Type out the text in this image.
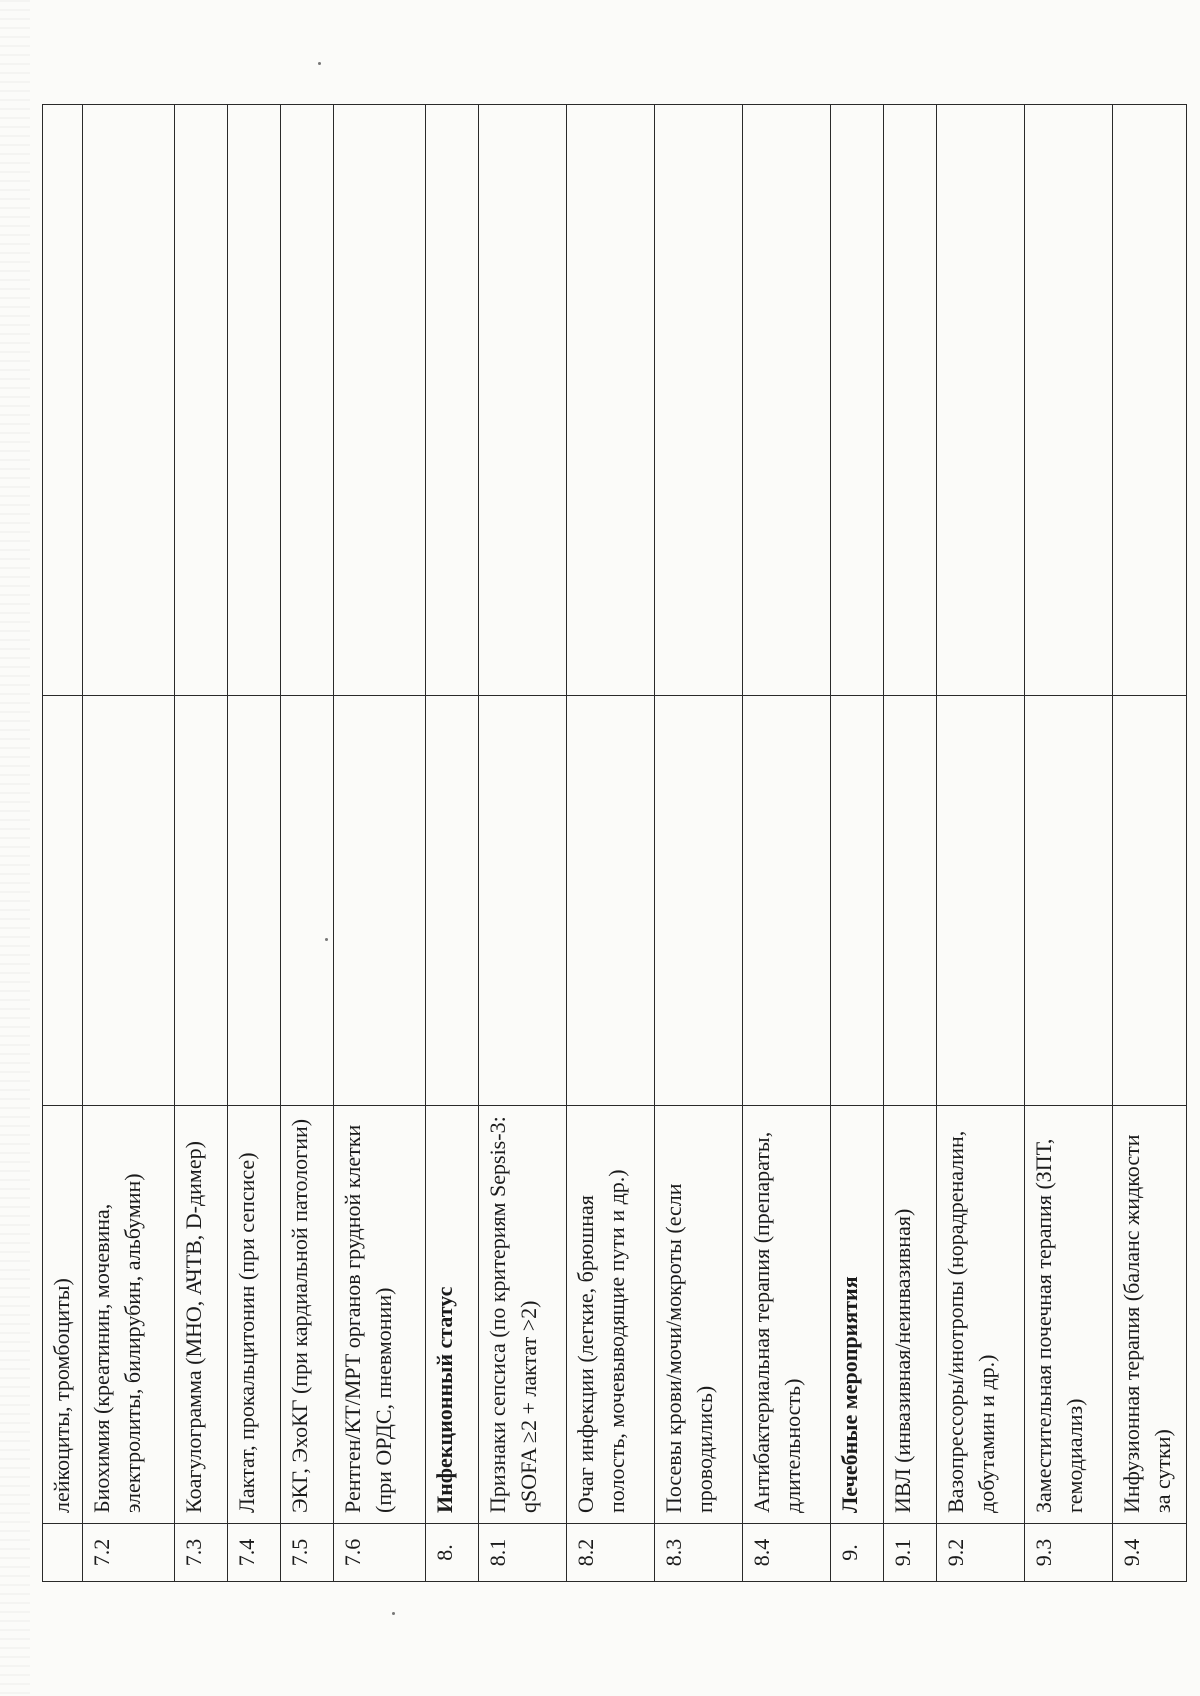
	лейкоциты, тромбоциты)		
7.2	Биохимия (креатинин, мочевина, электролиты, билирубин, альбумин)		
7.3	Коагулограмма (МНО, АЧТВ, D-димер)		
7.4	Лактат, прокальцитонин (при сепсисе)		
7.5	ЭКГ, ЭхоКГ (при кардиальной патологии)		
7.6	Рентген/КТ/МРТ органов грудной клетки (при ОРДС, пневмонии)		
8.	Инфекционный статус		
8.1	Признаки сепсиса (по критериям Sepsis-3: qSOFA ≥2 + лактат >2)		
8.2	Очаг инфекции (легкие, брюшная полость, мочевыводящие пути и др.)		
8.3	Посевы крови/мочи/мокроты (если проводились)		
8.4	Антибактериальная терапия (препараты, длительность)		
9.	Лечебные мероприятия		
9.1	ИВЛ (инвазивная/неинвазивная)		
9.2	Вазопрессоры/инотропы (норадреналин, добутамин и др.)		
9.3	Заместительная почечная терапия (ЗПТ, гемодиализ)		
9.4	Инфузионная терапия (баланс жидкости за сутки)		
